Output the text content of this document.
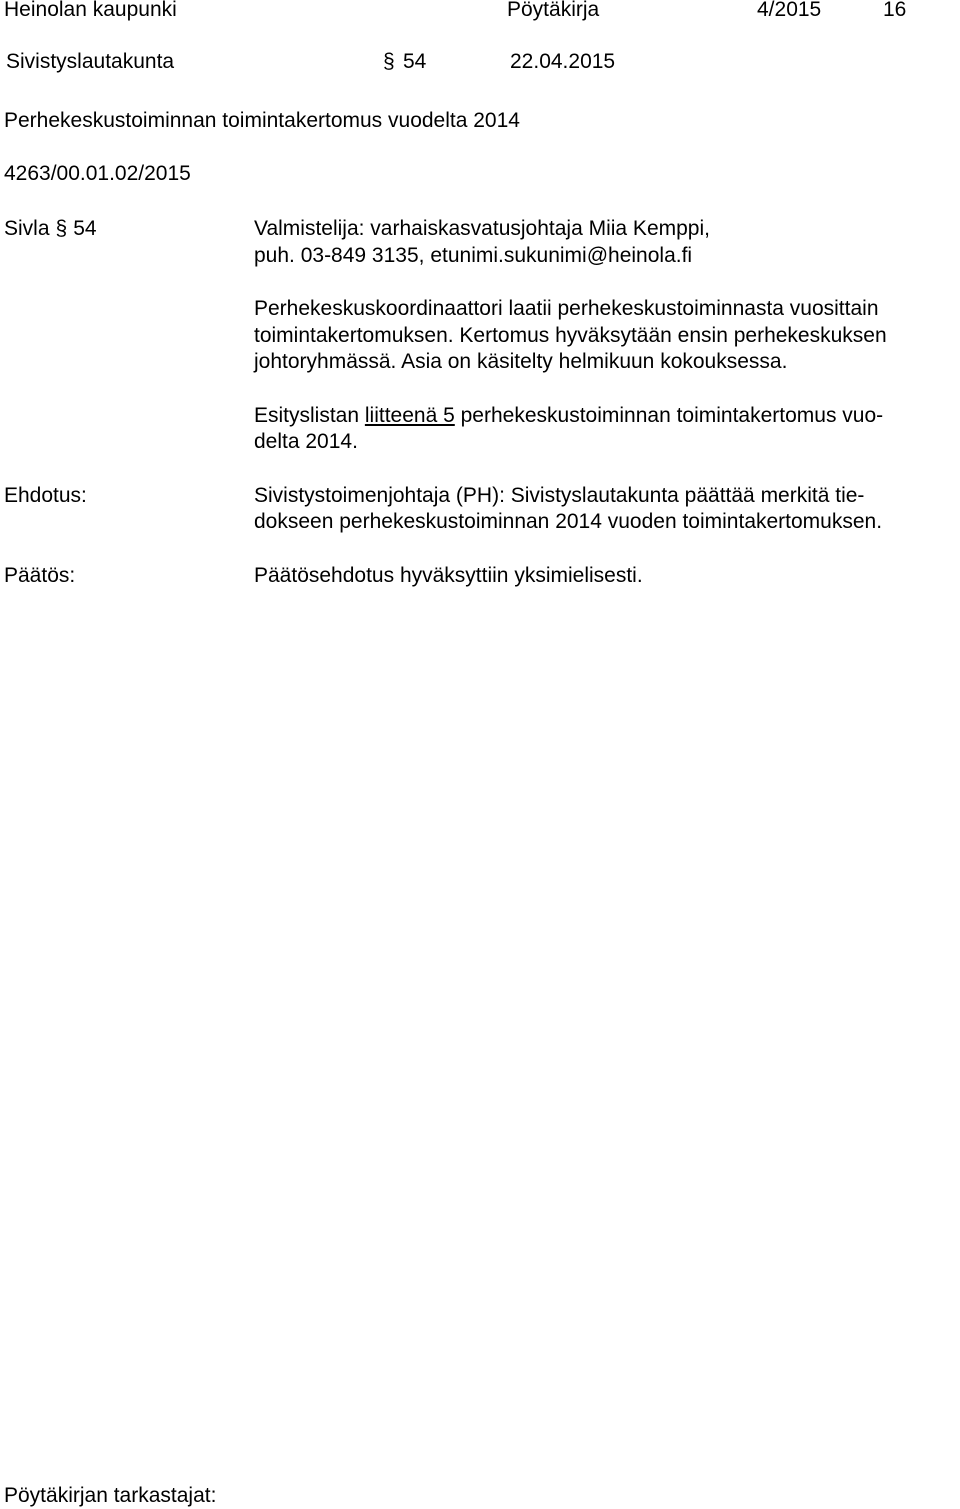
Heinolan kaupunki	Pöytäkirja	4/2015	16
Sivistyslautakunta	§ 54	22.04.2015
Perhekeskustoiminnan toimintakertomus vuodelta 2014
4263/00.01.02/2015
Sivla § 54	Valmistelija: varhaiskasvatusjohtaja Miia Kemppi,
puh. 03-849 3135, etunimi.sukunimi@heinola.fi
Perhekeskuskoordinaattori laatii perhekeskustoiminnasta vuosittain
toimintakertomuksen. Kertomus hyväksytään ensin perhekeskuksen
johtoryhmässä. Asia on käsitelty helmikuun kokouksessa.
Esityslistan liitteenä 5 perhekeskustoiminnan toimintakertomus vuo-
delta 2014.
Ehdotus:	Sivistystoimenjohtaja (PH): Sivistyslautakunta päättää merkitä tie-
dokseen perhekeskustoiminnan 2014 vuoden toimintakertomuksen.
Päätös:	Päätösehdotus hyväksyttiin yksimielisesti.
Pöytäkirjan tarkastajat:
